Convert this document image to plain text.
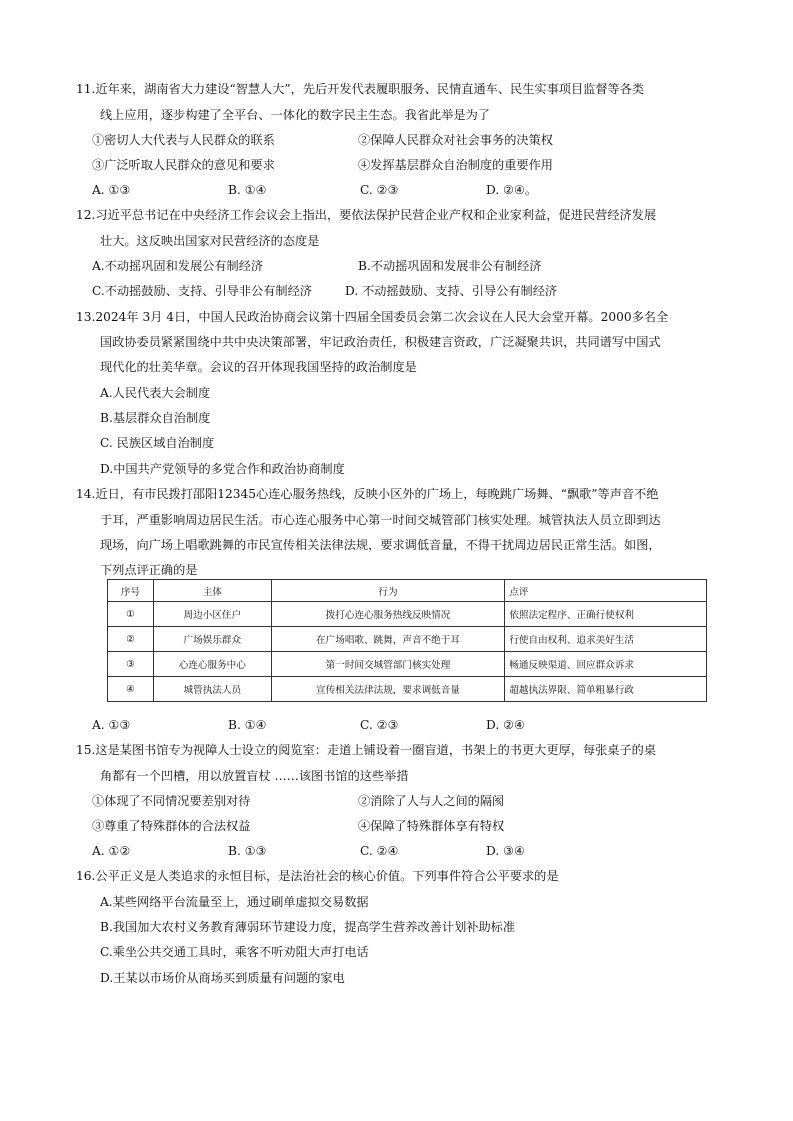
11.近年来，湖南省大力建设“智慧人大”，先后开发代表履职服务、民情直通车、民生实事项目监督等各类
线上应用，逐步构建了全平台、一体化的数字民主生态。我省此举是为了
①密切人大代表与人民群众的联系	②保障人民群众对社会事务的决策权
③广泛听取人民群众的意见和要求	④发挥基层群众自治制度的重要作用
A. ①③	B. ①④	C. ②③	D. ②④。
12.习近平总书记在中央经济工作会议会上指出，要依法保护民营企业产权和企业家利益，促进民营经济发展
壮大。这反映出国家对民营经济的态度是
A.不动摇巩固和发展公有制经济	B.不动摇巩固和发展非公有制经济
C.不动摇鼓励、支持、引导非公有制经济	D. 不动摇鼓励、支持、引导公有制经济
13.2024年 3月 4日，中国人民政治协商会议第十四届全国委员会第二次会议在人民大会堂开幕。2000多名全
国政协委员紧紧围绕中共中央决策部署，牢记政治责任，积极建言资政，广泛凝聚共识，共同谱写中国式
现代化的壮美华章。会议的召开体现我国坚持的政治制度是
A.人民代表大会制度
B.基层群众自治制度
C. 民族区域自治制度
D.中国共产党领导的多党合作和政治协商制度
14.近日，有市民拨打邵阳12345心连心服务热线，反映小区外的广场上，每晚跳广场舞、“飘歌”等声音不绝
于耳，严重影响周边居民生活。市心连心服务中心第一时间交城管部门核实处理。城管执法人员立即到达
现场，向广场上唱歌跳舞的市民宣传相关法律法规，要求调低音量，不得干扰周边居民正常生活。如图，
下列点评正确的是
序号	主体	行为	点评
①	周边小区住户	拨打心连心服务热线反映情况	依照法定程序、正确行使权利
②	广场娱乐群众	在广场唱歌、跳舞，声音不绝于耳	行使自由权利、追求美好生活
③	心连心服务中心	第一时间交城管部门核实处理	畅通反映渠道、回应群众诉求
④	城管执法人员	宣传相关法律法规，要求调低音量	超越执法界限、简单粗暴行政
A. ①③	B. ①④	C. ②③	D. ②④
15.这是某图书馆专为视障人士设立的阅览室：走道上铺设着一圈盲道，书架上的书更大更厚，每张桌子的桌
角都有一个凹槽，用以放置盲杖 ……该图书馆的这些举措
①体现了不同情况要差别对待	②消除了人与人之间的隔阂
③尊重了特殊群体的合法权益	④保障了特殊群体享有特权
A. ①②	B. ①③	C. ②④	D. ③④
16.公平正义是人类追求的永恒目标，是法治社会的核心价值。下列事件符合公平要求的是
A.某些网络平台流量至上，通过刷单虚拟交易数据
B.我国加大农村义务教育薄弱环节建设力度，提高学生营养改善计划补助标准
C.乘坐公共交通工具时，乘客不听劝阻大声打电话
D.王某以市场价从商场买到质量有问题的家电
